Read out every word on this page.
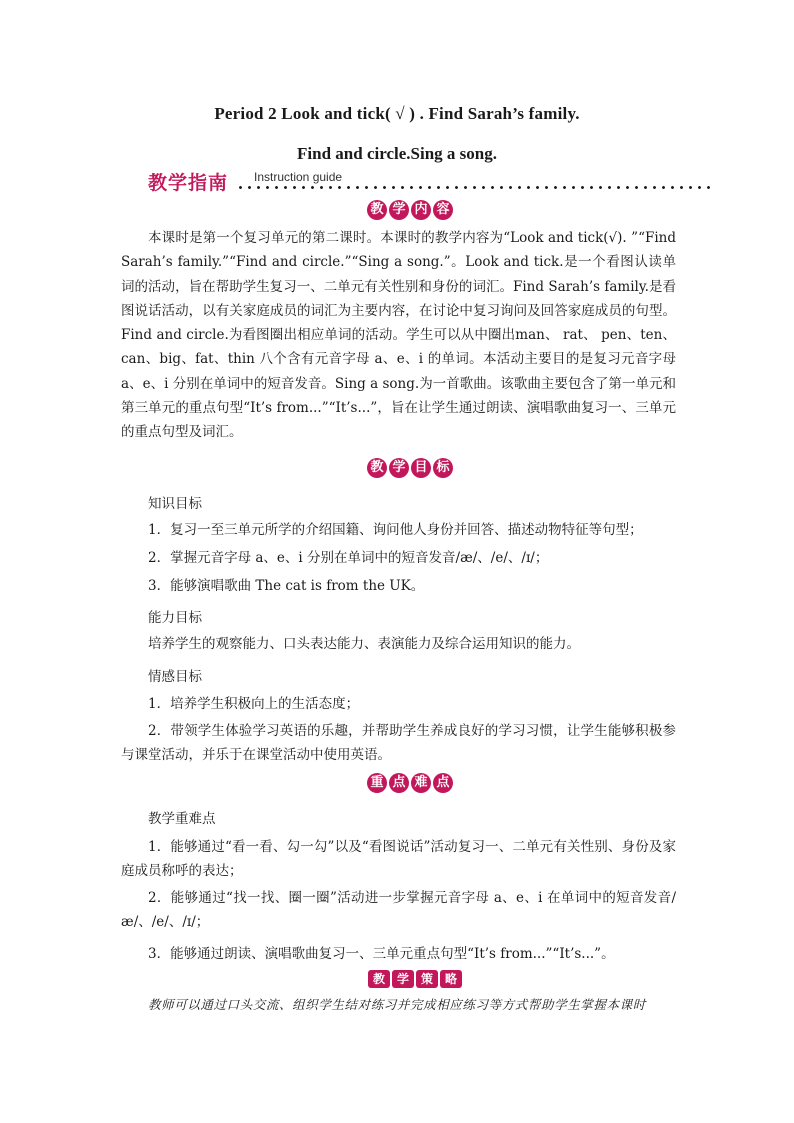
Period 2 Look and tick( √ ) . Find Sarah’s family.
Find and circle.Sing a song.
教学指南 Instruction guide
教 学 内 容

本课时是第一个复习单元的第二课时。本课时的教学内容为“Look and tick(√). ”“Find Sarah’s family.”“Find and circle.”“Sing a song.”。Look and tick.是一个看图认读单词的活动，旨在帮助学生复习一、二单元有关性别和身份的词汇。Find Sarah’s family.是看图说话活动，以有关家庭成员的词汇为主要内容，在讨论中复习询问及回答家庭成员的句型。Find and circle.为看图圈出相应单词的活动。学生可以从中圈出man、 rat、 pen、ten、can、big、fat、thin 八个含有元音字母 a、e、i 的单词。本活动主要目的是复习元音字母 a、e、i 分别在单词中的短音发音。Sing a song.为一首歌曲。该歌曲主要包含了第一单元和第三单元的重点句型“It’s from...”“It’s...”，旨在让学生通过朗读、演唱歌曲复习一、三单元的重点句型及词汇。

教 学 目 标

知识目标

1．复习一至三单元所学的介绍国籍、询问他人身份并回答、描述动物特征等句型；

2．掌握元音字母 a、e、i 分别在单词中的短音发音/æ/、/e/、/ɪ/；

3．能够演唱歌曲 The cat is from the UK。

能力目标

培养学生的观察能力、口头表达能力、表演能力及综合运用知识的能力。

情感目标

1．培养学生积极向上的生活态度；

2．带领学生体验学习英语的乐趣，并帮助学生养成良好的学习习惯，让学生能够积极参与课堂活动，并乐于在课堂活动中使用英语。

重 点 难 点

教学重难点

1．能够通过“看一看、勾一勾”以及“看图说话”活动复习一、二单元有关性别、身份及家庭成员称呼的表达；

2．能够通过“找一找、圈一圈”活动进一步掌握元音字母 a、e、i 在单词中的短音发音/æ/、/e/、/ɪ/；

3．能够通过朗读、演唱歌曲复习一、三单元重点句型“It’s from...”“It’s...”。

教 学 策 略

教师可以通过口头交流、组织学生结对练习并完成相应练习等方式帮助学生掌握本课时
